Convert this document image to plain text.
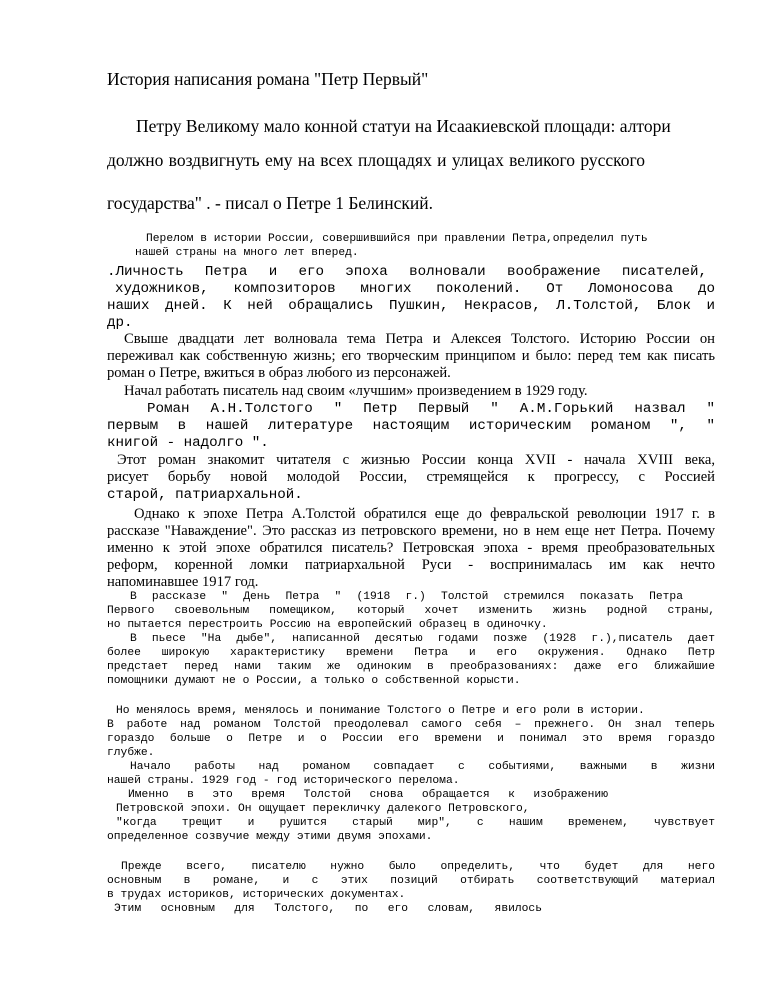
История написания романа "Петр Первый"
Петру Великому мало конной статуи на Исаакиевской площади: алтори
должно воздвигнуть ему на всех площадях и улицах великого русского
государства" . - писал о Петре 1 Белинский.
Перелом в истории России, совершившийся при правлении Петра,определил путь
нашей страны на много лет вперед.
.Личность Петра и его эпоха волновали воображение писателей,
художников, композиторов многих поколений. От Ломоносова до
наших дней. К ней обращались Пушкин, Некрасов, Л.Толстой, Блок и
др.
Свыше двадцати лет волновала тема Петра и Алексея Толстого. Историю России он
переживал как собственную жизнь; его творческим принципом и было: перед тем как писать
роман о Петре, вжиться в образ любого из персонажей.
Начал работать писатель над своим «лучшим» произведением в 1929 году.
Роман А.Н.Толстого " Петр Первый " А.М.Горький назвал "
первым в нашей литературе настоящим историческим романом ", "
книгой - надолго ".
Этот роман знакомит читателя с жизнью России конца XVII - начала XVIII века,
рисует борьбу новой молодой России, стремящейся к прогрессу, с Россией
старой, патриархальной.
Однако к эпохе Петра А.Толстой обратился еще до февральской революции 1917 г. в
рассказе "Наваждение". Это рассказ из петровского времени, но в нем еще нет Петра. Почему
именно к этой эпохе обратился писатель? Петровская эпоха - время преобразовательных
реформ, коренной ломки патриархальной Руси - воспринималась им как нечто
напоминавшее 1917 год.
В рассказе " День Петра " (1918 г.) Толстой стремился показать Петра
Первого своевольным помещиком, который хочет изменить жизнь родной страны,
но пытается перестроить Россию на европейский образец в одиночку.
В пьесе "На дыбе", написанной десятью годами позже (1928 г.),писатель дает
более широкую характеристику времени Петра и его окружения. Однако Петр
предстает перед нами таким же одиноким в преобразованиях: даже его ближайшие
помощники думают не о России, а только о собственной корысти.
Но менялось время, менялось и понимание Толстого о Петре и его роли в истории.
В работе над романом Толстой преодолевал самого себя – прежнего. Он знал теперь
гораздо больше о Петре и о России его времени и понимал это время гораздо
глубже.
Начало работы над романом совпадает с событиями, важными в жизни
нашей страны. 1929 год - год исторического перелома.
Именно в это время Толстой снова обращается к изображению
Петровской эпохи. Он ощущает перекличку далекого Петровского,
"когда трещит и рушится старый мир", с нашим временем, чувствует
определенное созвучие между этими двумя эпохами.
Прежде всего, писателю нужно было определить, что будет для него
основным в романе, и с этих позиций отбирать соответствующий материал
в трудах историков, исторических документах.
Этим основным для Толстого, по его словам, явилось
